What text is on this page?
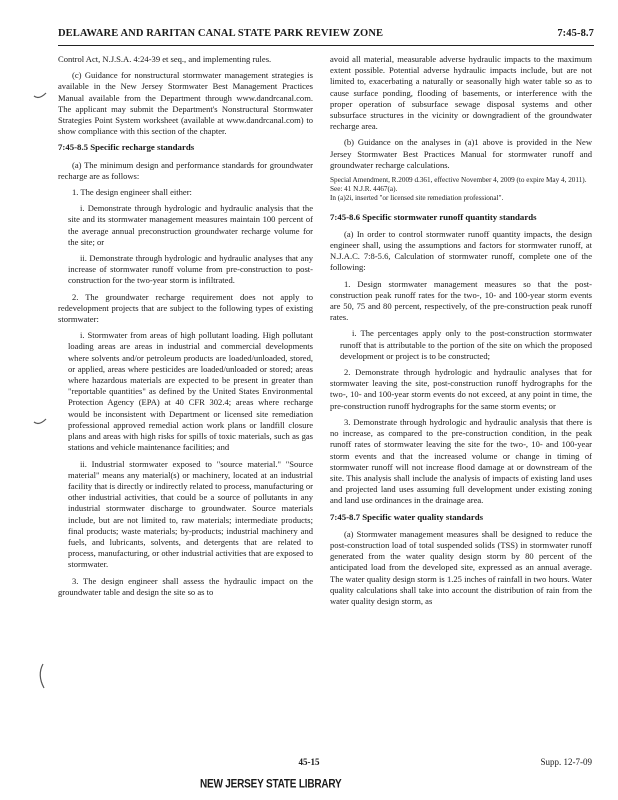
DELAWARE AND RARITAN CANAL STATE PARK REVIEW ZONE	7:45-8.7

Control Act, N.J.S.A. 4:24-39 et seq., and implementing rules.

(c) Guidance for nonstructural stormwater management strategies is available in the New Jersey Stormwater Best Management Practices Manual available from the Department through www.dandrcanal.com. The applicant may submit the Department's Nonstructural Stormwater Strategies Point System worksheet (available at www.dandrcanal.com) to show compliance with this section of the chapter.

7:45-8.5 Specific recharge standards

(a) The minimum design and performance standards for groundwater recharge are as follows:

1. The design engineer shall either:

i. Demonstrate through hydrologic and hydraulic analysis that the site and its stormwater management measures maintain 100 percent of the average annual preconstruction groundwater recharge volume for the site; or

ii. Demonstrate through hydrologic and hydraulic analyses that any increase of stormwater runoff volume from pre-construction to post-construction for the two-year storm is infiltrated.

2. The groundwater recharge requirement does not apply to redevelopment projects that are subject to the following types of existing stormwater:

i. Stormwater from areas of high pollutant loading. High pollutant loading areas are areas in industrial and commercial developments where solvents and/or petroleum products are loaded/unloaded, stored, or applied, areas where pesticides are loaded/unloaded or stored; areas where hazardous materials are expected to be present in greater than "reportable quantities" as defined by the United States Environmental Protection Agency (EPA) at 40 CFR 302.4; areas where recharge would be inconsistent with Department or licensed site remediation professional approved remedial action work plans or landfill closure plans and areas with high risks for spills of toxic materials, such as gas stations and vehicle maintenance facilities; and

ii. Industrial stormwater exposed to "source material." "Source material" means any material(s) or machinery, located at an industrial facility that is directly or indirectly related to process, manufacturing or other industrial activities, that could be a source of pollutants in any industrial stormwater discharge to groundwater. Source materials include, but are not limited to, raw materials; intermediate products; final products; waste materials; by-products; industrial machinery and fuels, and lubricants, solvents, and detergents that are related to process, manufacturing, or other industrial activities that are exposed to stormwater.

3. The design engineer shall assess the hydraulic impact on the groundwater table and design the site so as to

avoid all material, measurable adverse hydraulic impacts to the maximum extent possible. Potential adverse hydraulic impacts include, but are not limited to, exacerbating a naturally or seasonally high water table so as to cause surface ponding, flooding of basements, or interference with the proper operation of subsurface sewage disposal systems and other subsurface structures in the vicinity or downgradient of the groundwater recharge area.

(b) Guidance on the analyses in (a)1 above is provided in the New Jersey Stormwater Best Practices Manual for stormwater runoff and groundwater recharge calculations.

Special Amendment, R.2009 d.361, effective November 4, 2009 (to expire May 4, 2011).
See: 41 N.J.R. 4467(a).
In (a)2i, inserted "or licensed site remediation professional".
7:45-8.6 Specific stormwater runoff quantity standards

(a) In order to control stormwater runoff quantity impacts, the design engineer shall, using the assumptions and factors for stormwater runoff, at N.J.A.C. 7:8-5.6, Calculation of stormwater runoff, complete one of the following:

1. Design stormwater management measures so that the post-construction peak runoff rates for the two-, 10- and 100-year storm events are 50, 75 and 80 percent, respectively, of the pre-construction peak runoff rates.

i. The percentages apply only to the post-construction stormwater runoff that is attributable to the portion of the site on which the proposed development or project is to be constructed;

2. Demonstrate through hydrologic and hydraulic analyses that for stormwater leaving the site, post-construction runoff hydrographs for the two-, 10- and 100-year storm events do not exceed, at any point in time, the pre-construction runoff hydrographs for the same storm events; or

3. Demonstrate through hydrologic and hydraulic analysis that there is no increase, as compared to the pre-construction condition, in the peak runoff rates of stormwater leaving the site for the two-, 10- and 100-year storm events and that the increased volume or change in timing of stormwater runoff will not increase flood damage at or downstream of the site. This analysis shall include the analysis of impacts of existing land uses and projected land uses assuming full development under existing zoning and land use ordinances in the drainage area.

7:45-8.7 Specific water quality standards

(a) Stormwater management measures shall be designed to reduce the post-construction load of total suspended solids (TSS) in stormwater runoff generated from the water quality design storm by 80 percent of the anticipated load from the developed site, expressed as an annual average. The water quality design storm is 1.25 inches of rainfall in two hours. Water quality calculations shall take into account the distribution of rain from the water quality design storm, as

45-15	Supp. 12-7-09
NEW JERSEY STATE LIBRARY
